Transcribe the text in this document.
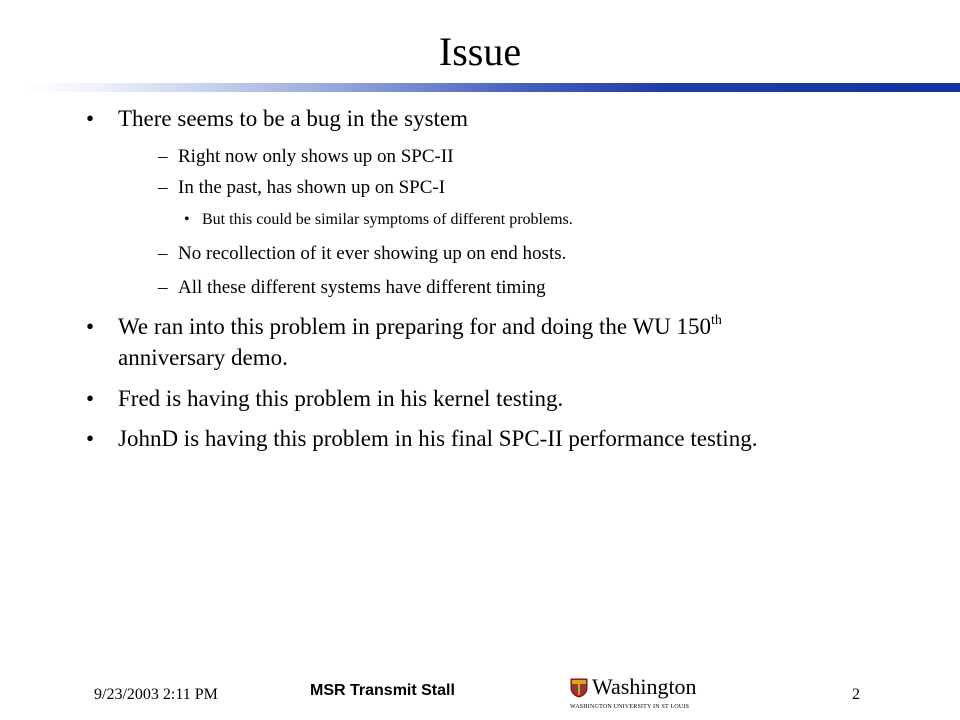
Issue
•	There seems to be a bug in the system
– Right now only shows up on SPC-II
– In the past, has shown up on SPC-I
• But this could be similar symptoms of different problems.
– No recollection of it ever showing up on end hosts.
– All these different systems have different timing
•	We ran into this problem in preparing for and doing the WU 150th
anniversary demo.
•	Fred is having this problem in his kernel testing.
•	JohnD is having this problem in his final SPC-II performance testing.
9/23/2003 2:11 PM	MSR Transmit Stall	Washington
WASHINGTON UNIVERSITY IN ST LOUIS
2
